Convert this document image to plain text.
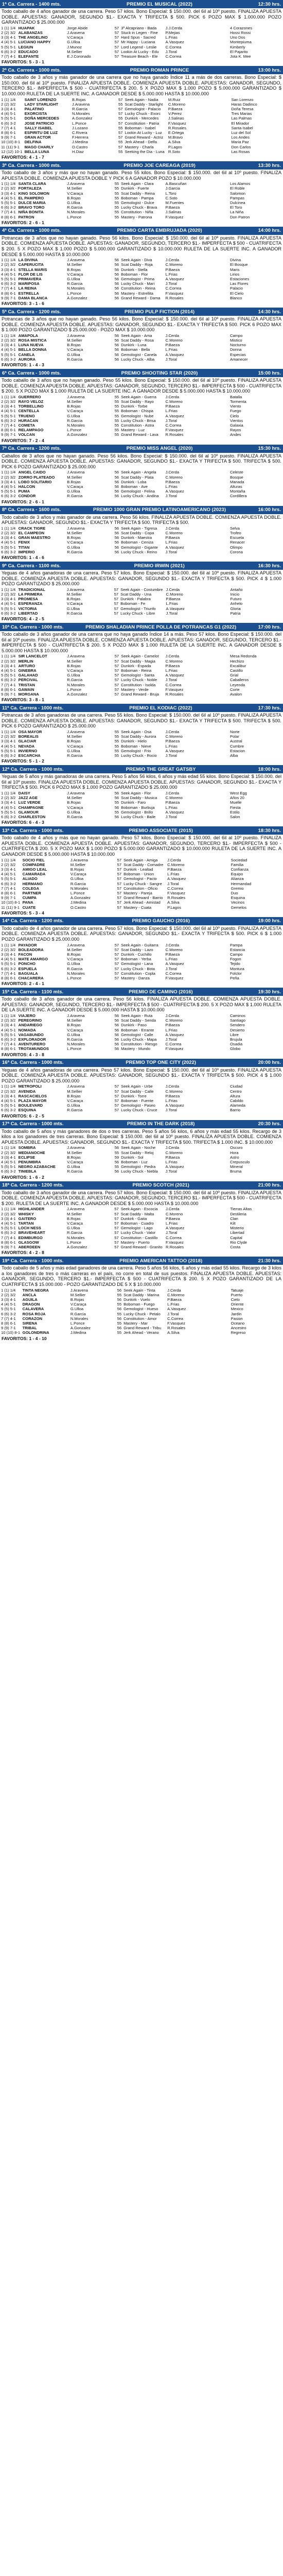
1ª Ca. Carrera - 1400 mts.	PREMIO EL MUSICAL (2022)	12:30 hrs.
Todo caballo de 4 años ganador de una carrera. Peso 57 kilos. Bono Especial: $ 150.000. del 6il al 10º puesto. FINALIZA APUESTA DOBLE. APUESTAS: GANADOR, SEGUNDO $1.- EXACTA Y TRIFECTA $ 500. PICK 6 POZO MAX $ 1.000.000 POZO GARANTIZADO $ 25.000.000
1 (1) 1/4	HUAPAK	Jorge Abide	57	3º Alcapriano - Bada	J.J.Cerda	4 Corazones
2 (2) 3/2	ALABANZAS	J.Aravena	57	Stuck in Legen - Fine	P.Mejias	Hossi Rossi
3 (3) 4-1	THE ANGELINO	V.Caraça	57	Hard Spun - Sacred	L.Frias	Uno Dos
4 (4) 5-1	LUCIANO HAPPY	G.Ulloa	57	Mr Happy - Luciana	A.Vasquez	Montepiuma
5 (5) 5-1	LEGIUN	J.Munoz	57	Lord Legend - Leslie	C.Correa	Kimberly
6 (6) 3-2	EDUCADO	M.Sellier	57	Lookin At Lucky - Edu	J.Toral	El Pajarito
7 (7) 4-1	ELEFANTE	E.J.Coronado	57	Treasure Beach - Ele	C.Correa	Jota K. Mee
FAVORITOS: 5 - 3 - 1
2ª Ca. Carrera - 1000 mts.	PREMIO ROMAN PRINCE	13:00 hrs.
Todo caballo de 3 años y más ganador de una carrera que no haya ganado Índice 11 a más de dos carreras. Bono Especial: $ 150.000. del 6il al 10º puesto. FINALIZA APUESTA DOBLE. COMIENZA APUESTA DOBLE. APUESTAS: GANADOR, SEGUNDO, TERCERO $1.- IMPERFECTA $ 500 - CUATRIFECTA $ 200. 5 X POZO MAX $ 1.000 POZO $ 5.000.000 GARANTIZADO $ 10.000.000 RULETA DE LA SUERTE INC. A GANADOR DESDE $ 5.000.000 HASTA $ 10.000.000
1 (1) 1/4	SAINT LORENZO	B.Rojas	57	Seek Again - Nadia	M.Ruiz	San Lorenzo
2 (2) 3/2	LADY STARLIGHT	J.Aravena	55	Scat Daddy - Starlight	C.Moreno	Haras Dadinco
3 (3) 4-1	PALATINO	R.Garcia	57	Gemologist - Palacio	P.Baeza	Doña Teresa
4 (4) 5-1	EXORCISTA	N.Morales	57	Lucky Chuck - Exorc	V.Perez	Tres Marias
5 (5) 5-1	DOÑA MERCEDES	A.Gonzalez	55	Dunkirk - Mercedes	J.Salinas	Las Palmas
6 (6) 3-2	JOSE PATRICIO	L.Ponce	57	Constitution - Patria	F.Vasquez	El Mirador
7 (7) 4-1	SALLY ISABEL	J.Lozano	55	Boboman - Isabel	R.Rosales	Santa Isabel
8 (8) 6-1	ESPIRITU DE LUZ	C.Rivera	57	Lookin At Lucky - Luz	E.Ortega	Luz del Sol
9 (9) 7-1	GRAN ACTOR	F.Herrera	57	Grand Reward - Actriz	M.Bravo	Los Andes
10 (10) 8-1	DELFINA	J.Medina	55	Jerk Ahead - Delfa	A.Silva	Maria Paz
11 (11) 9-1	MAGO CHARLY	O.Castro	57	Mastery - Charla	P.Lagos	Don Carlos
12 (12) 10-1	BELLA LUNA	H.Diaz	55	Seeking the Dia - Luna	R.Soto	Las Rosas
FAVORITOS: 4 - 1 - 7
3ª Ca. Carrera - 1000 mts.	PREMIO JOE CAREAGA (2019)	13:30 hrs.
Todo caballo de 3 años y más que no hayan ganado. Peso 55 kilos. Bono Especial: $ 150.000. del 6il al 10º puesto. FINALIZA APUESTA DOBLE. COMIENZA APUESTA DOBLE Y PICK 6 A GANADOR POZO $ 10.000.000
1 (1) 1/4	SANTA CLARA	J.Aravena	55	Seek Again - Clara	A.Bascuñan	Los Alamos
2 (2) 3/2	FORTALEZA	M.Sellier	55	Dunkirk - Fuerte	J.Garcia	El Roble
3 (3) 4-1	KING SOLOMON	V.Caraça	55	Scat Daddy - Reina	L.Toro	Salomon
4 (4) 5-1	EL PAMPERO	B.Rojas	55	Boboman - Pampa	C.Soto	Pampas
5 (5) 5-1	DULCE MARIA	G.Ulloa	55	Gemologist - Dulce	M.Fuentes	Dulcinea
6 (6) 3-2	BRAVO TORO	R.Garcia	55	Lucky Chuck - Brava	P.Baeza	El Toro
7 (7) 4-1	NIÑA BONITA	N.Morales	55	Constitution - Niña	J.Salinas	La Niña
8 (8) 6-1	PATRON	L.Ponce	55	Mastery - Patrona	F.Vasquez	Don Patron
FAVORITOS: 2 - 6 - 1
4ª Ca. Carrera - 1000 mts.	PREMIO CARTA EMBRUJADA (2020)	14:00 hrs.
Potrancas de 3 años que no hayan ganado. Peso 56 kilos. Bono Especial: $ 150.000. del 6il al 10º puesto. FINALIZA APUESTA DOBLE. COMIENZA APUESTA DOBLE. APUESTAS: GANADOR, SEGUNDO, TERCERO $1.- IMPERFECTA $ 500 - CUATRIFECTA $ 200. 5 X POZO MAX $ 1.000 POZO $ 5.000.000 GARANTIZADO $ 10.000.000 RULETA DE LA SUERTE INC. A GANADOR DESDE $ 5.000.000 HASTA $ 10.000.000
1 (1) 1/4	LA DIVINA	J.Aravena	56	Seek Again - Diva	J.Cerda	Divina
2 (2) 3/2	CAPERUCITA	M.Sellier	56	Scat Daddy - Roja	C.Moreno	El Bosque
3 (3) 4-1	STELLA MARIS	B.Rojas	56	Dunkirk - Stella	P.Baeza	Maris
4 (4) 5-1	FLOR DE LIS	V.Caraça	56	Boboman - Flor	L.Frias	Lirios
5 (5) 5-1	PRIMAVERA	G.Ulloa	56	Gemologist - Prima	A.Vasquez	Estaciones
6 (6) 3-2	MARIPOSA	R.Garcia	56	Lucky Chuck - Mari	J.Toral	Las Flores
7 (7) 4-1	LA REINA	N.Morales	56	Constitution - Reina	C.Correa	Palacio
8 (8) 6-1	ESTRELLA	L.Ponce	56	Mastery - Estrellita	F.Vasquez	El Cielo
9 (9) 7-1	DAMA BLANCA	A.Gonzalez	56	Grand Reward - Dama	R.Rosales	Blanco
FAVORITOS: 3 - 1 - 6
5ª Ca. Carrera - 1200 mts.	PREMIO PULP FICTION (2014)	14:30 hrs.
Potrancas de 3 años que no hayan ganado. Peso 56 kilos. Bono Especial: $ 150.000. del 6il al 10º puesto. FINALIZA APUESTA DOBLE. COMIENZA APUESTA DOBLE. APUESTAS: GANADOR, SEGUNDO $1.- EXACTA Y TRIFECTA $ 500. PICK 6 POZO MAX $ 1.000 POZO GARANTIZADO $ 25.000.000 - POZO MAX $ 10.000.000
1 (1) 1/4	AMAPOLA	J.Aravena	56	Seek Again - Ama	J.Cerda	Campo
2 (2) 3/2	ROSA MISTICA	M.Sellier	56	Scat Daddy - Rosa	C.Moreno	Mistico
3 (3) 4-1	LUNA NUEVA	B.Rojas	56	Dunkirk - Luna	P.Baeza	Nocturno
4 (4) 5-1	BELLA DONNA	V.Caraça	56	Boboman - Bella	L.Frias	Donna
5 (5) 5-1	CANELA	G.Ulloa	56	Gemologist - Canela	A.Vasquez	Especias
6 (6) 3-2	AURORA	R.Garcia	56	Lucky Chuck - Alba	J.Toral	Amanecer
FAVORITOS: 1 - 4 - 3
6ª Ca. Carrera - 1000 mts.	PREMIO SHOOTING STAR (2020)	15:00 hrs.
Todo caballo de 3 años que no hayan ganado. Peso 55 kilos. Bono Especial: $ 150.000. del 6il al 10º puesto. FINALIZA APUESTA DOBLE. COMIENZA APUESTA DOBLE. APUESTAS: GANADOR, SEGUNDO, TERCERO $1.- IMPERFECTA $ 500 - CUATRIFECTA $ 200. 5 X POZO MAX $ 1.000 RULETA DE LA SUERTE INC. A GANADOR DESDE $ 5.000.000 HASTA $ 10.000.000
1 (1) 1/4	GUERRERO	J.Aravena	55	Seek Again - Guerra	J.Cerda	Batalla
2 (2) 3/2	RAYO VELOZ	M.Sellier	55	Scat Daddy - Rayo	C.Moreno	Tormenta
3 (3) 4-1	TORBELLINO	B.Rojas	55	Dunkirk - Torbe	P.Baeza	Viento
4 (4) 5-1	CENTELLA	V.Caraça	55	Boboman - Chispa	L.Frias	Fuego
5 (5) 5-1	TRUENO	G.Ulloa	55	Gemologist - Nube	A.Vasquez	Cielo
6 (6) 3-2	HURACAN	R.Garcia	55	Lucky Chuck - Brisa	J.Toral	Vientos
7 (7) 4-1	COMETA	N.Morales	55	Constitution - Astra	C.Correa	Galaxia
8 (8) 6-1	RELAMPAGO	L.Ponce	55	Mastery - Luz	F.Vasquez	Rayos
9 (9) 7-1	VOLCAN	A.Gonzalez	55	Grand Reward - Lava	R.Rosales	Andes
FAVORITOS: 7 - 2 - 4
7ª Ca. Carrera - 1200 mts.	PREMIO MISS ANGEL (2020)	15:30 hrs.
Caballos de 3 años que no hayan ganado. Peso 56 kilos. Bono Especial: $ 150.000. del 6il al 10º puesto. FINALIZA APUESTA DOBLE. COMIENZA APUESTA DOBLE. APUESTAS: GANADOR, SEGUNDO $1.- EXACTA Y TRIFECTA $ 500. TRIFECTA $ 500. PICK 6 POZO GARANTIZADO $ 25.000.000
1 (1) 1/4	ANGEL CAIDO	J.Aravena	56	Seek Again - Angela	J.Cerda	Celeste
2 (2) 3/2	ZORRO PLATEADO	M.Sellier	56	Scat Daddy - Plata	C.Moreno	Bosque
3 (3) 4-1	LOBO SOLITARIO	B.Rojas	56	Dunkirk - Loba	P.Baeza	Manada
4 (4) 5-1	HALCON	V.Caraça	56	Boboman - Ave	L.Frias	Alturas
5 (5) 5-1	PUMA	G.Ulloa	56	Gemologist - Felina	A.Vasquez	Montaña
6 (6) 3-2	CONDOR	R.Garcia	56	Lucky Chuck - Andina	J.Toral	Cordillera
FAVORITOS: 2 - 6 - 1
8ª Ca. Carrera - 1600 mts.	PREMIO 1000 GRAN PREMIO LATINOAMERICANO (2023)	16:00 hrs.
Todo caballo de 3 años y más ganador de una carrera. Peso 56 kilos. FINALIZA APUESTA DOBLE. COMIENZA APUESTA DOBLE. APUESTAS: GANADOR, SEGUNDO $1.- EXACTA Y TRIFECTA $ 500. TRIFECTA $ 500.
1 (1) 1/4	CRACK TIGRE	J.Aravena	56	Seek Again - Tigresa	J.Cerda	Selva
2 (2) 3/2	EL CAMPEON	M.Sellier	56	Scat Daddy - Copa	C.Moreno	Trofeo
3 (3) 4-1	GRAN MAESTRO	B.Rojas	56	Dunkirk - Maestra	P.Baeza	Escuela
4 (4) 5-1	FENIX	V.Caraça	56	Boboman - Ceniza	L.Frias	Renacer
5 (5) 5-1	TITAN	G.Ulloa	56	Gemologist - Gigante	A.Vasquez	Olimpo
6 (6) 3-2	IMPERIO	R.Garcia	56	Lucky Chuck - Reino	J.Toral	Corona
FAVORITOS: 1 - 4 - 6
9ª Ca. Carrera - 1100 mts.	PREMIO IRWIN (2021)	16:30 hrs.
Yeguas de 4 años ganadoras de una carrera. Peso 57 kilos. Bono Especial: $ 150.000. del 6il al 10º puesto. FINALIZA APUESTA DOBLE. COMIENZA APUESTA DOBLE. APUESTAS: GANADOR, SEGUNDO $1.- EXACTA Y TRIFECTA $ 500. PICK 4 $ 1.000 POZO GARANTIZADO $ 25.000.000
1 (1) 1/4	TRADICIONAL	J.Aravena	57	Seek Again - Costumbre	J.Cerda	Antaño
2 (2) 3/2	LA PRIMERA	M.Sellier	57	Scat Daddy - Una	C.Moreno	Inicio
3 (3) 4-1	PROMESA	B.Rojas	57	Dunkirk - Palabra	P.Baeza	Futuro
4 (4) 5-1	ESPERANZA	V.Caraça	57	Boboman - Fe	L.Frias	Anhelo
5 (5) 5-1	VICTORIA	G.Ulloa	57	Gemologist - Triunfo	A.Vasquez	Gloria
6 (6) 3-2	LIBERTAD	R.Garcia	57	Lucky Chuck - Libre	J.Toral	Patria
FAVORITOS: 4 - 2 - 5
10ª Ca. Carrera - 1000 mts.	PREMIO SHALADIAN PRINCE POLLA DE POTRANCAS G1 (2022)	17:00 hrs.
Todo caballo de 3 años ganador de una carrera que no haya ganado Índice 14 a más. Peso 57 kilos. Bono Especial: $ 150.000. del 6il al 10º puesto. FINALIZA APUESTA DOBLE. COMIENZA APUESTA DOBLE. APUESTAS: GANADOR, SEGUNDO, TERCERO $1.- IMPERFECTA $ 500 - CUATRIFECTA $ 200. 5 X POZO MAX $ 1.000 RULETA DE LA SUERTE INC. A GANADOR DESDE $ 5.000.000 HASTA $ 10.000.000
1 (1) 1/4	SIR LANCELOT	J.Aravena	57	Seek Again - Camelot	J.Cerda	Mesa Redonda
2 (2) 3/2	MERLIN	M.Sellier	57	Scat Daddy - Magia	C.Moreno	Hechizo
3 (3) 4-1	ARTURO	B.Rojas	57	Dunkirk - Espada	P.Baeza	Excalibur
4 (4) 5-1	GINEBRA	V.Caraça	57	Boboman - Reina	L.Frias	Castillo
5 (5) 5-1	GALAHAD	G.Ulloa	57	Gemologist - Santa	A.Vasquez	Grial
6 (6) 3-2	PERCIVAL	R.Garcia	57	Lucky Chuck - Noble	J.Toral	Caballeros
7 (7) 4-1	TRISTAN	N.Morales	57	Constitution - Isolda	C.Correa	Leyenda
8 (8) 6-1	GAWAIN	L.Ponce	57	Mastery - Verde	F.Vasquez	Corte
9 (9) 7-1	MORGANA	A.Gonzalez	57	Grand Reward - Bruja	R.Rosales	Avalon
FAVORITOS: 3 - 8 - 1
11ª Ca. Carrera - 1000 mts.	PREMIO EL KODIAC (2022)	17:30 hrs.
Potrancas de 3 años ganadoras de una carrera. Peso 55 kilos. Bono Especial: $ 150.000. del 6il al 10º puesto. FINALIZA APUESTA DOBLE. COMIENZA APUESTA DOBLE. APUESTAS: GANADOR, SEGUNDO $1.- EXACTA Y TRIFECTA $ 500. TRIFECTA $ 500. PICK 6 POZO GARANTIZADO $ 25.000.000
1 (1) 1/4	OSA MAYOR	J.Aravena	55	Seek Again - Osa	J.Cerda	Norte
2 (2) 3/2	BOREALIS	M.Sellier	55	Scat Daddy - Aurora	C.Moreno	Polar
3 (3) 4-1	GLACIAR	B.Rojas	55	Dunkirk - Hielo	P.Baeza	Austral
4 (4) 5-1	NEVADA	V.Caraça	55	Boboman - Nieve	L.Frias	Cumbre
5 (5) 5-1	INVIERNO	G.Ulloa	55	Gemologist - Frio	A.Vasquez	Estacion
6 (6) 3-2	ESCARCHA	R.Garcia	55	Lucky Chuck - Rocio	J.Toral	Alba
FAVORITOS: 5 - 1 - 2
12ª Ca. Carrera - 1000 mts.	PREMIO THE GREAT GATSBY	18:00 hrs.
Yeguas de 5 años y más ganadoras de una carrera. Peso 5 años 56 kilos, 6 años y más edad 55 kilos. Bono Especial: $ 150.000. del 6il al 10º puesto. FINALIZA APUESTA DOBLE. COMIENZA APUESTA DOBLE. APUESTAS: GANADOR, SEGUNDO $1.- EXACTA Y TRIFECTA $ 500. PICK 6 POZO MAX $ 1.000 POZO GARANTIZADO $ 25.000.000
1 (1) 1/4	DAISY	J.Aravena	56	Seek Again - Flor	J.Cerda	West Egg
2 (2) 3/2	JAZZ AGE	M.Sellier	56	Scat Daddy - Musica	C.Moreno	Años 20
3 (3) 4-1	LUZ VERDE	B.Rojas	55	Dunkirk - Faro	P.Baeza	Muelle
4 (4) 5-1	CHAMPAGNE	V.Caraça	56	Boboman - Burbuja	L.Frias	Fiesta
5 (5) 5-1	GLAMOUR	G.Ulloa	55	Gemologist - Brillo	A.Vasquez	Estilo
6 (6) 3-2	CHARLESTON	R.Garcia	56	Lucky Chuck - Baile	J.Toral	Salon
FAVORITOS: 6 - 4 - 3
13ª Ca. Carrera - 1000 mts.	PREMIO ASSOCIATE (2015)	18:30 hrs.
Todo caballo de 4 años y más que no hayan ganado. Peso 57 kilos. Bono Especial: $ 150.000. del 6il al 10º puesto. FINALIZA APUESTA DOBLE. COMIENZA APUESTA DOBLE. APUESTAS: GANADOR, SEGUNDO, TERCERO $1.- IMPERFECTA $ 500 - CUATRIFECTA $ 200. 5 X POZO MAX $ 1.000 POZO $ 5.000.000 GARANTIZADO $ 10.000.000 RULETA DE LA SUERTE INC. A GANADOR DESDE $ 5.000.000 HASTA $ 10.000.000
1 (1) 1/4	SOCIO FIEL	J.Aravena	57	Seek Again - Amiga	J.Cerda	Sociedad
2 (2) 3/2	COMPADRE	M.Sellier	57	Scat Daddy - Comadre	C.Moreno	Familia
3 (3) 4-1	AMIGO LEAL	B.Rojas	57	Dunkirk - Lealtad	P.Baeza	Confianza
4 (4) 5-1	CAMARADA	V.Caraça	57	Boboman - Union	L.Frias	Equipo
5 (5) 5-1	ALIADO	G.Ulloa	57	Gemologist - Pacto	A.Vasquez	Alianza
6 (6) 3-2	HERMANO	R.Garcia	57	Lucky Chuck - Sangre	J.Toral	Hermandad
7 (7) 4-1	COLEGA	N.Morales	57	Constitution - Oficio	C.Correa	Gremio
8 (8) 6-1	PARTNER	L.Ponce	57	Mastery - Pareja	F.Vasquez	Duo
9 (9) 7-1	CUMPA	A.Gonzalez	57	Grand Reward - Barrio	R.Rosales	Esquina
10 (10) 8-1	PANA	J.Medina	57	Jerk Ahead - Amistad	A.Silva	Vecinos
11 (11) 9-1	CUATE	O.Castro	57	Mastery - Cuata	P.Lagos	Gemelos
FAVORITOS: 5 - 3 - 4
14ª Ca. Carrera - 1200 mts.	PREMIO GAUCHO (2016)	19:00 hrs.
Todo caballo de 4 años ganador de una carrera. Peso 57 kilos. Bono Especial: $ 150.000. del 6il al 10º puesto. FINALIZA APUESTA DOBLE. COMIENZA APUESTA DOBLE. APUESTAS: GANADOR, SEGUNDO $1.- EXACTA Y TRIFECTA $ 500. PICK 6 $ 1.000 POZO GARANTIZADO $ 25.000.000
1 (1) 1/4	PAYADOR	J.Aravena	57	Seek Again - Guitarra	J.Cerda	Pampa
2 (2) 3/2	BOLEADORA	M.Sellier	57	Scat Daddy - Lazo	C.Moreno	Estancia
3 (3) 4-1	FACON	B.Rojas	57	Dunkirk - Cuchillo	P.Baeza	Campo
4 (4) 5-1	MATE AMARGO	V.Caraça	57	Boboman - Yerba	L.Frias	Fogon
5 (5) 5-1	PONCHO	G.Ulloa	57	Gemologist - Lana	A.Vasquez	Tejido
6 (6) 3-2	ESPUELA	R.Garcia	57	Lucky Chuck - Bota	J.Toral	Montura
7 (7) 4-1	BAGUALA	N.Morales	57	Constitution - Copla	C.Correa	Folclor
8 (8) 6-1	CHACARERA	L.Ponce	57	Mastery - Danza	F.Vasquez	Peña
FAVORITOS: 2 - 4 - 1
15ª Ca. Carrera - 1100 mts.	PREMIO DE CAMINO (2016)	19:30 hrs.
Todo caballo de 3 años ganador de una carrera. Peso 56 kilos. FINALIZA APUESTA DOBLE. COMIENZA APUESTA DOBLE. APUESTAS: GANADOR, SEGUNDO, TERCERO $1.- IMPERFECTA $ 500 - CUATRIFECTA $ 200. 5 X POZO MAX $ 1.000 RULETA DE LA SUERTE INC. A GANADOR DESDE $ 5.000.000 HASTA $ 10.000.000
1 (1) 1/4	VIAJERO	J.Aravena	56	Seek Again - Ruta	J.Cerda	Caminos
2 (2) 3/2	PEREGRINO	M.Sellier	56	Scat Daddy - Senda	C.Moreno	Santiago
3 (3) 4-1	ANDARIEGO	B.Rojas	56	Dunkirk - Paso	P.Baeza	Sendero
4 (4) 5-1	NOMADA	V.Caraça	56	Boboman - Errante	L.Frias	Desierto
5 (5) 5-1	VAGABUNDO	G.Ulloa	56	Gemologist - Calle	A.Vasquez	Libre
6 (6) 3-2	EXPLORADOR	R.Garcia	56	Lucky Chuck - Mapa	J.Toral	Brujula
7 (7) 4-1	AVENTURERO	N.Morales	56	Constitution - Riesgo	C.Correa	Osadia
8 (8) 6-1	TROTAMUNDOS	L.Ponce	56	Mastery - Mundo	F.Vasquez	Globo
FAVORITOS: 4 - 3 - 8
16ª Ca. Carrera - 1000 mts.	PREMIO TOP ONE CITY (2022)	20:00 hrs.
Yeguas de 4 años ganadoras de una carrera. Peso 57 kilos. Bono Especial: $ 150.000. del 6il al 10º puesto. FINALIZA APUESTA DOBLE. COMIENZA APUESTA DOBLE. APUESTAS: GANADOR, SEGUNDO $1.- EXACTA Y TRIFECTA $ 500. PICK 4 $ 1.000 POZO GARANTIZADO $ 25.000.000
1 (1) 1/4	METROPOLI	J.Aravena	57	Seek Again - Urbe	J.Cerda	Ciudad
2 (2) 3/2	AVENIDA	M.Sellier	57	Scat Daddy - Calle	C.Moreno	Centro
3 (3) 4-1	RASCACIELOS	B.Rojas	57	Dunkirk - Torre	P.Baeza	Altura
4 (4) 5-1	PLAZA MAYOR	V.Caraça	57	Boboman - Fuente	L.Frias	Cabildo
5 (5) 5-1	BOULEVARD	G.Ulloa	57	Gemologist - Paseo	A.Vasquez	Alameda
6 (6) 3-2	ESQUINA	R.Garcia	57	Lucky Chuck - Cruce	J.Toral	Barrio
FAVORITOS: 6 - 2 - 5
17ª Ca. Carrera - 1000 mts.	PREMIO IN THE DARK (2018)	20:30 hrs.
Todo caballo de 5 años y más ganadores de dos o tres carreras. Peso 5 años 56 kilos, 6 años y más edad 55 kilos. Recargo de 3 kilos a los ganadores de tres carreras. Bono Especial: $ 150.000. del 6il al 10º puesto. FINALIZA APUESTA DOBLE. COMIENZA APUESTA DOBLE. APUESTAS: GANADOR, SEGUNDO $1.- EXACTA Y TRIFECTA $ 500. TRIFECTA $ 1.000 INC. $ 10.000.000
1 (1) 1/4	SOMBRA	J.Aravena	56	Seek Again - Noche	J.Cerda	Oscuro
2 (2) 3/2	MEDIANOCHE	M.Sellier	55	Scat Daddy - Reloj	C.Moreno	Hora
3 (3) 4-1	ECLIPSE	B.Rojas	59	Dunkirk - Sol	P.Baeza	Astro
4 (4) 5-1	PENUMBRA	V.Caraça	56	Boboman - Luz	L.Frias	Crepusculo
5 (5) 5-1	NEGRO AZABACHE	G.Ulloa	55	Gemologist - Piedra	A.Vasquez	Mineral
6 (6) 3-2	TINIEBLA	R.Garcia	56	Lucky Chuck - Niebla	J.Toral	Bruma
FAVORITOS: 1 - 6 - 2
18ª Ca. Carrera - 1200 mts.	PREMIO SCOTCH (2021)	21:00 hrs.
Todo caballo de 3 años ganador de una carrera. Peso 57 kilos. Bono Especial: $ 150.000. del 6il al 10º puesto. FINALIZA APUESTA DOBLE. COMIENZA APUESTA DOBLE. APUESTAS: GANADOR, SEGUNDO, TERCERO $1.- IMPERFECTA $ 500 - CUATRIFECTA $ 200. RULETA DE LA SUERTE INC. A GANADOR DESDE $ 5.000.000 HASTA $ 10.000.000
1 (1) 1/4	HIGHLANDER	J.Aravena	57	Seek Again - Escocia	J.Cerda	Tierras Altas
2 (2) 3/2	WHISKY	M.Sellier	57	Scat Daddy - Malta	C.Moreno	Destileria
3 (3) 4-1	GAITERO	B.Rojas	57	Dunkirk - Gaita	P.Baeza	Clan
4 (4) 5-1	TARTAN	V.Caraça	57	Boboman - Cuadro	L.Frias	Kilt
5 (5) 5-1	LOCH NESS	G.Ulloa	57	Gemologist - Lago	A.Vasquez	Misterio
6 (6) 3-2	BRAVEHEART	R.Garcia	57	Lucky Chuck - Valor	J.Toral	Libertad
7 (7) 4-1	EDIMBURGO	N.Morales	57	Constitution - Castillo	C.Correa	Capital
8 (8) 6-1	GLASGOW	L.Ponce	57	Mastery - Puerto	F.Vasquez	Rio Clyde
9 (9) 7-1	ABERDEEN	A.Gonzalez	57	Grand Reward - Granito	R.Rosales	Costa
FAVORITOS: 4 - 2 - 8
19ª Ca. Carrera - 1000 mts.	PREMIO AMERICAN TATTOO (2018)	21:30 hrs.
Todo caballo de 5 años y más edad ganadores de una carrera. Peso 5 años 56 kilos, 6 años y más edad 55 kilos. Recargo de 3 kilos a los ganadores de tres o más carreras en el país, no corre en total de sus puestos. FINALIZA APUESTA DOBLE. APUESTAS: GANADOR, SEGUNDO, TERCERO $1.- IMPERFECTA $ 500 - CUATRIFECTA $ 200. 5 X POZO GARANTIZADO DE LA CUATRIFECTA $ 15.000.000 - POZO GARANTIZADO DE 5 X $ 10.000.000
1 (1) 1/4	TINTA NEGRA	J.Aravena	56	Seek Again - Tinta	J.Cerda	Tatuaje
2 (2) 3/2	ANCLA	M.Sellier	55	Scat Daddy - Marina	C.Moreno	Puerto
3 (3) 4-1	AGUILA	B.Rojas	56	Dunkirk - Vuelo	P.Baeza	Cielo
4 (4) 5-1	DRAGON	V.Caraça	55	Boboman - Fuego	L.Frias	Oriente
5 (5) 5-1	CALAVERA	G.Ulloa	56	Gemologist - Hueso	A.Vasquez	Mexico
6 (6) 3-2	ROSA ROJA	R.Garcia	55	Lucky Chuck - Petalo	J.Toral	Jardin
7 (7) 4-1	CORAZON	N.Morales	56	Constitution - Amor	C.Correa	Pasion
8 (8) 6-1	SIRENA	L.Ponce	55	Mastery - Mar	F.Vasquez	Oceano
9 (9) 7-1	TRIBAL	A.Gonzalez	56	Grand Reward - Tribu	R.Rosales	Ancestro
10 (10) 8-1	GOLONDRINA	J.Medina	55	Jerk Ahead - Verano	A.Silva	Regreso
FAVORITOS: 1 - 4 - 10
